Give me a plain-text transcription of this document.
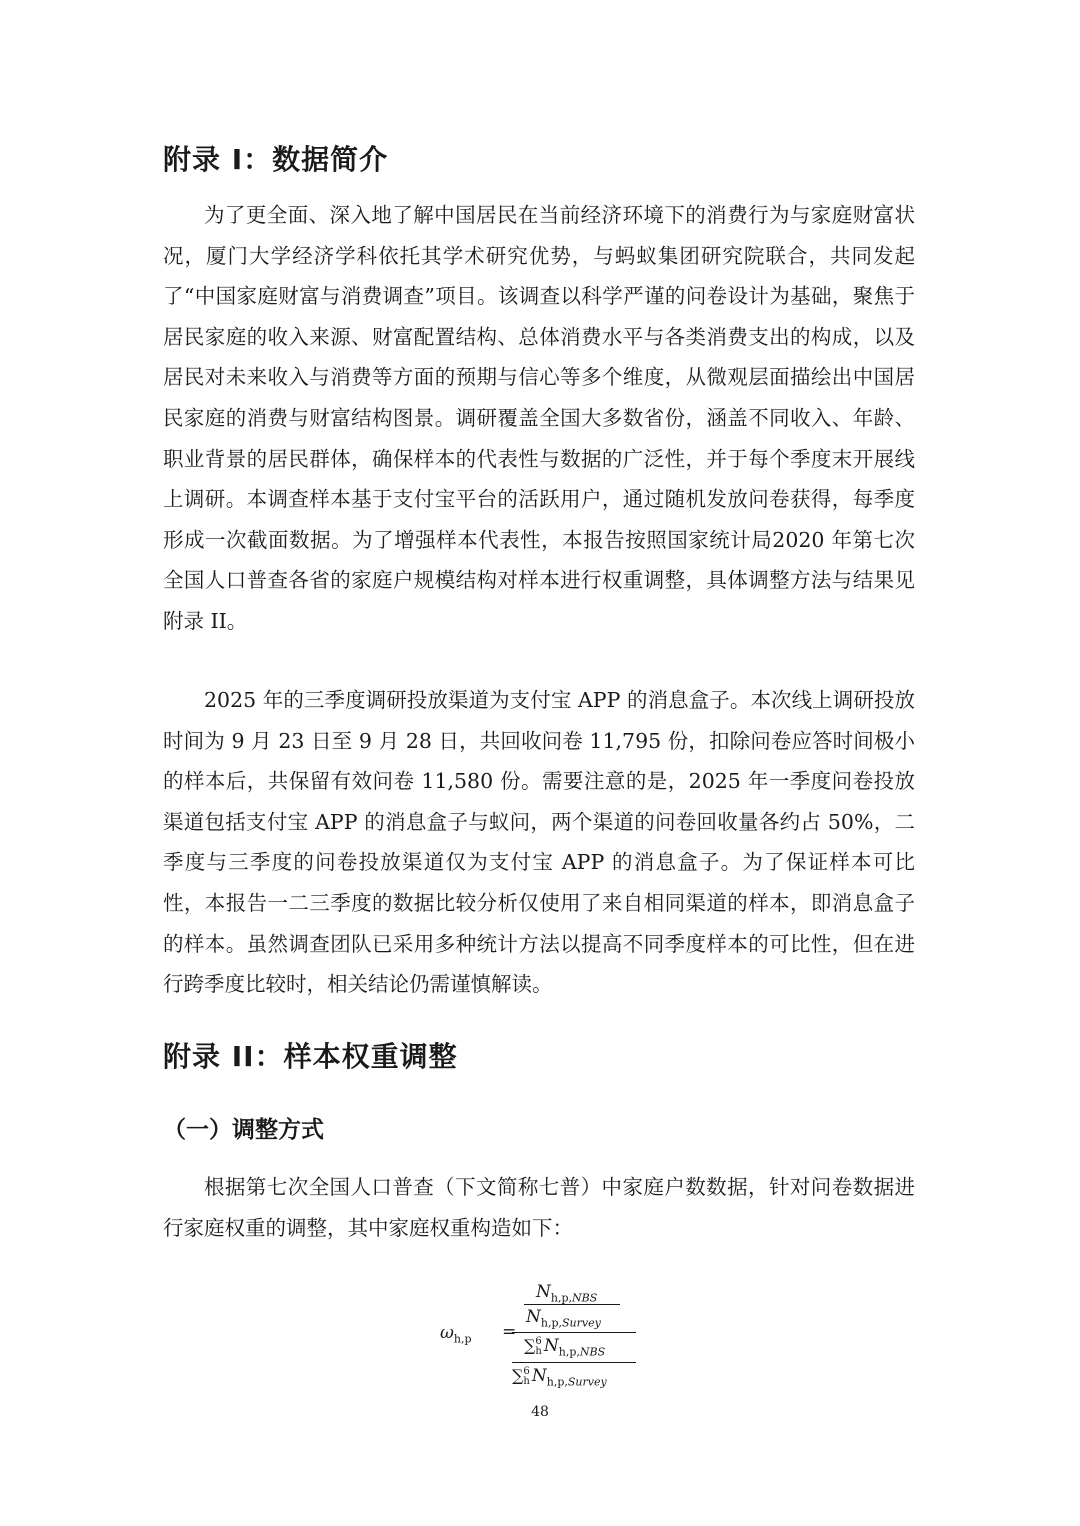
附录 I：数据简介

为了更全面、深入地了解中国居民在当前经济环境下的消费行为与家庭财富状况，厦门大学经济学科依托其学术研究优势，与蚂蚁集团研究院联合，共同发起了“中国家庭财富与消费调查”项目。该调查以科学严谨的问卷设计为基础，聚焦于居民家庭的收入来源、财富配置结构、总体消费水平与各类消费支出的构成，以及居民对未来收入与消费等方面的预期与信心等多个维度，从微观层面描绘出中国居民家庭的消费与财富结构图景。调研覆盖全国大多数省份，涵盖不同收入、年龄、职业背景的居民群体，确保样本的代表性与数据的广泛性，并于每个季度末开展线上调研。本调查样本基于支付宝平台的活跃用户，通过随机发放问卷获得，每季度形成一次截面数据。为了增强样本代表性，本报告按照国家统计局2020 年第七次全国人口普查各省的家庭户规模结构对样本进行权重调整，具体调整方法与结果见附录 II。

2025 年的三季度调研投放渠道为支付宝 APP 的消息盒子。本次线上调研投放时间为 9 月 23 日至 9 月 28 日，共回收问卷 11,795 份，扣除问卷应答时间极小的样本后，共保留有效问卷 11,580 份。需要注意的是，2025 年一季度问卷投放渠道包括支付宝 APP 的消息盒子与蚁问，两个渠道的问卷回收量各约占 50%，二季度与三季度的问卷投放渠道仅为支付宝 APP 的消息盒子。为了保证样本可比性，本报告一二三季度的数据比较分析仅使用了来自相同渠道的样本，即消息盒子的样本。虽然调查团队已采用多种统计方法以提高不同季度样本的可比性，但在进行跨季度比较时，相关结论仍需谨慎解读。

附录 II：样本权重调整
（一）调整方式

根据第七次全国人口普查（下文简称七普）中家庭户数数据，针对问卷数据进行家庭权重的调整，其中家庭权重构造如下：

$\omega_{h,p}$ =
$N_{h,p,NBS}$
$N_{h,p,Survey}$
∑6
h $N_{h,p,NBS}$
∑6
h $N_{h,p,Survey}$
48
